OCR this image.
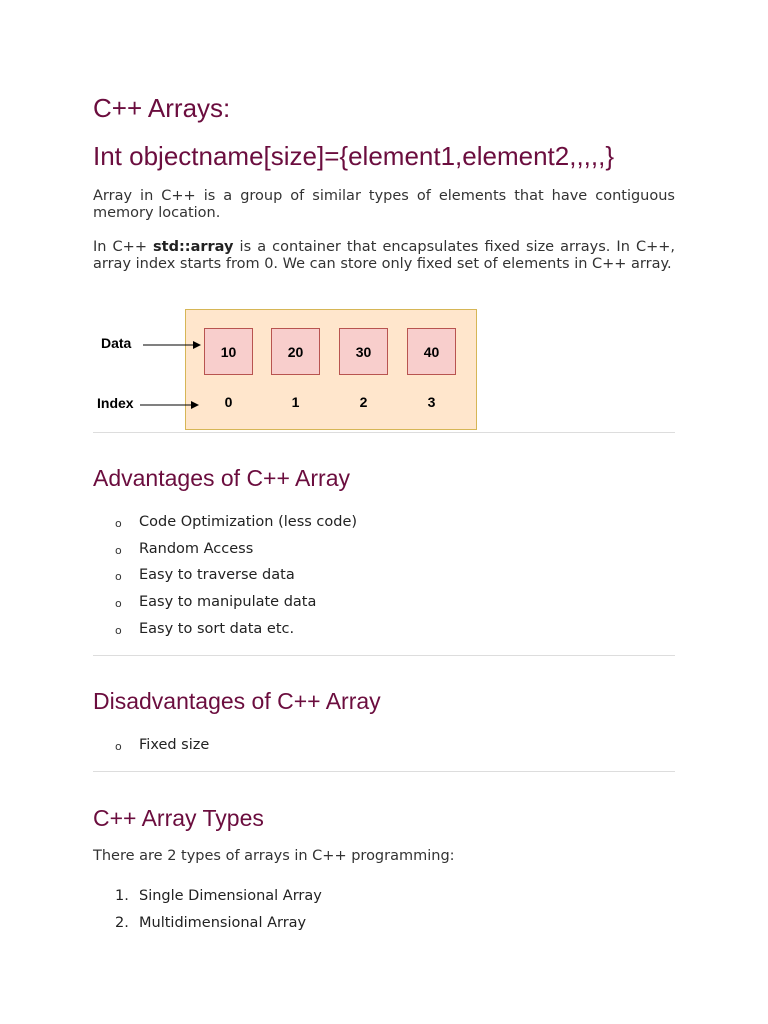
C++ Arrays:
Int objectname[size]={element1,element2,,,,,}

Array in C++ is a group of similar types of elements that have contiguous memory location.

In C++ std::array is a container that encapsulates fixed size arrays. In C++, array index starts from 0. We can store only fixed set of elements in C++ array.

10	20	30	40
0	1	2	3
Data
Index
Advantages of C++ Array
o Code Optimization (less code)
o Random Access
o Easy to traverse data
o Easy to manipulate data
o Easy to sort data etc.
Disadvantages of C++ Array
o Fixed size
C++ Array Types

There are 2 types of arrays in C++ programming:

1. Single Dimensional Array
2. Multidimensional Array
